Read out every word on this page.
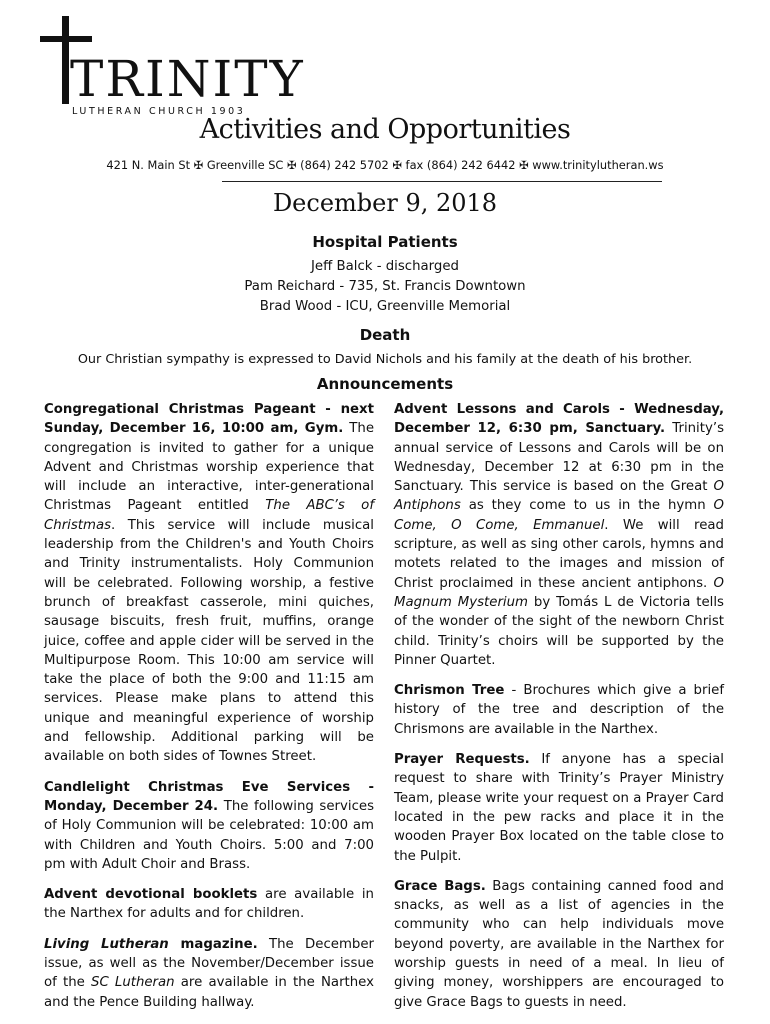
TRINITY
LUTHERAN CHURCH 1903
Activities and Opportunities
421 N. Main St ✠ Greenville SC ✠ (864) 242 5702 ✠ fax (864) 242 6442 ✠ www.trinitylutheran.ws
December 9, 2018
Hospital Patients
Jeff Balck - discharged
Pam Reichard - 735, St. Francis Downtown
Brad Wood - ICU, Greenville Memorial
Death
Our Christian sympathy is expressed to David Nichols and his family at the death of his brother.
Announcements

Congregational Christmas Pageant - next Sunday, December 16, 10:00 am, Gym. The congregation is invited to gather for a unique Advent and Christmas worship experience that will include an interactive, inter-generational Christmas Pageant entitled The ABC’s of Christmas. This service will include musical leadership from the Children's and Youth Choirs and Trinity instrumentalists. Holy Communion will be celebrated. Following worship, a festive brunch of breakfast casserole, mini quiches, sausage biscuits, fresh fruit, muffins, orange juice, coffee and apple cider will be served in the Multipurpose Room. This 10:00 am service will take the place of both the 9:00 and 11:15 am services. Please make plans to attend this unique and meaningful experience of worship and fellowship. Additional parking will be available on both sides of Townes Street.

Candlelight Christmas Eve Services - Monday, December 24. The following services of Holy Communion will be celebrated: 10:00 am with Children and Youth Choirs. 5:00 and 7:00 pm with Adult Choir and Brass.

Advent devotional booklets are available in the Narthex for adults and for children.

Living Lutheran magazine. The December issue, as well as the November/December issue of the SC Lutheran are available in the Narthex and the Pence Building hallway.

Advent Lessons and Carols - Wednesday, December 12, 6:30 pm, Sanctuary. Trinity’s annual service of Lessons and Carols will be on Wednesday, December 12 at 6:30 pm in the Sanctuary. This service is based on the Great O Antiphons as they come to us in the hymn O Come, O Come, Emmanuel. We will read scripture, as well as sing other carols, hymns and motets related to the images and mission of Christ proclaimed in these ancient antiphons. O Magnum Mysterium by Tomás L de Victoria tells of the wonder of the sight of the newborn Christ child. Trinity’s choirs will be supported by the Pinner Quartet.

Chrismon Tree - Brochures which give a brief history of the tree and description of the Chrismons are available in the Narthex.

Prayer Requests. If anyone has a special request to share with Trinity’s Prayer Ministry Team, please write your request on a Prayer Card located in the pew racks and place it in the wooden Prayer Box located on the table close to the Pulpit.

Grace Bags. Bags containing canned food and snacks, as well as a list of agencies in the community who can help individuals move beyond poverty, are available in the Narthex for worship guests in need of a meal. In lieu of giving money, worshippers are encouraged to give Grace Bags to guests in need.
